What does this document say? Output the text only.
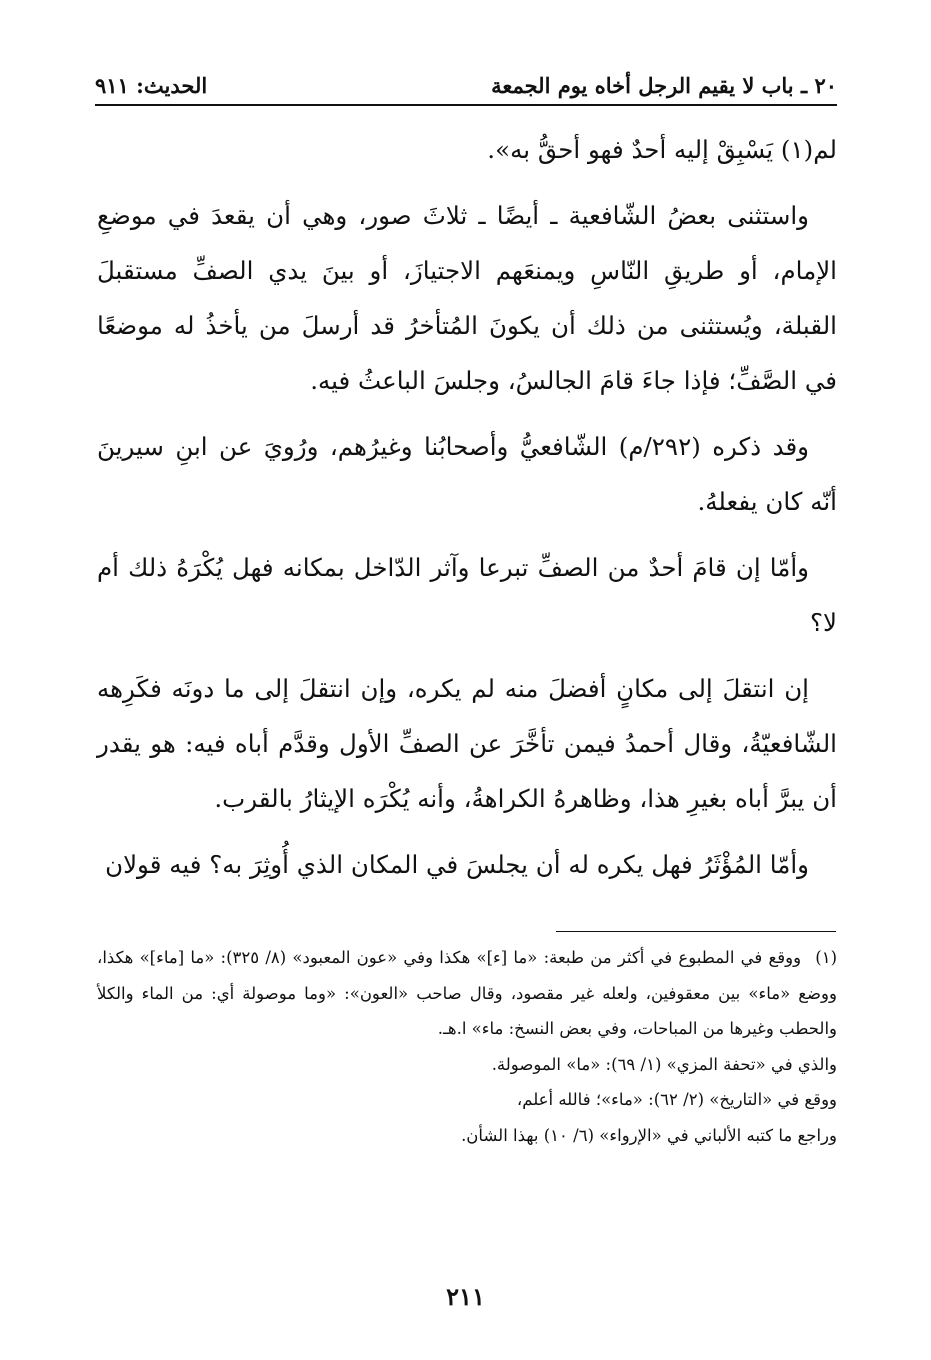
٢٠ ـ باب لا يقيم الرجل أخاه يوم الجمعة
الحديث: ٩١١

لم(١) يَسْبِقْ إليه أحدٌ فهو أحقُّ به».

واستثنى بعضُ الشّافعية ـ أيضًا ـ ثلاثَ صور، وهي أن يقعدَ في موضعِ الإمام، أو طريقِ النّاسِ ويمنعَهم الاجتيازَ، أو بينَ يدي الصفِّ مستقبلَ القبلة، ويُستثنى من ذلك أن يكونَ المُتأخرُ قد أرسلَ من يأخذُ له موضعًا في الصَّفِّ؛ فإذا جاءَ قامَ الجالسُ، وجلسَ الباعثُ فيه.

وقد ذكره (٢٩٢/م) الشّافعيُّ وأصحابُنا وغيرُهم، ورُويَ عن ابنِ سيرينَ أنّه كان يفعلهُ.

وأمّا إن قامَ أحدٌ من الصفِّ تبرعا وآثر الدّاخل بمكانه فهل يُكْرَهُ ذلك أم لا؟

إن انتقلَ إلى مكانٍ أفضلَ منه لم يكره، وإن انتقلَ إلى ما دونَه فكَرِهه الشّافعيّةُ، وقال أحمدُ فيمن تأخَّرَ عن الصفِّ الأول وقدَّم أباه فيه: هو يقدر أن يبرَّ أباه بغيرِ هذا، وظاهرهُ الكراهةُ، وأنه يُكْرَه الإيثارُ بالقرب.

وأمّا المُؤْثَرُ فهل يكره له أن يجلسَ في المكان الذي أُوثِرَ به؟ فيه قولان

(١) ووقع في المطبوع في أكثر من طبعة: «ما [ء]» هكذا وفي «عون المعبود» (٨/ ٣٢٥): «ما [ماء]» هكذا، ووضع «ماء» بين معقوفين، ولعله غير مقصود، وقال صاحب «العون»: «وما موصولة أي: من الماء والكلأ والحطب وغيرها من المباحات، وفي بعض النسخ: ماء» ا.هـ.

والذي في «تحفة المزي» (١/ ٦٩): «ما» الموصولة.

ووقع في «التاريخ» (٢/ ٦٢): «ماء»؛ فالله أعلم،

وراجع ما كتبه الألباني في «الإرواء» (٦/ ١٠) بهذا الشأن.

٢١١
